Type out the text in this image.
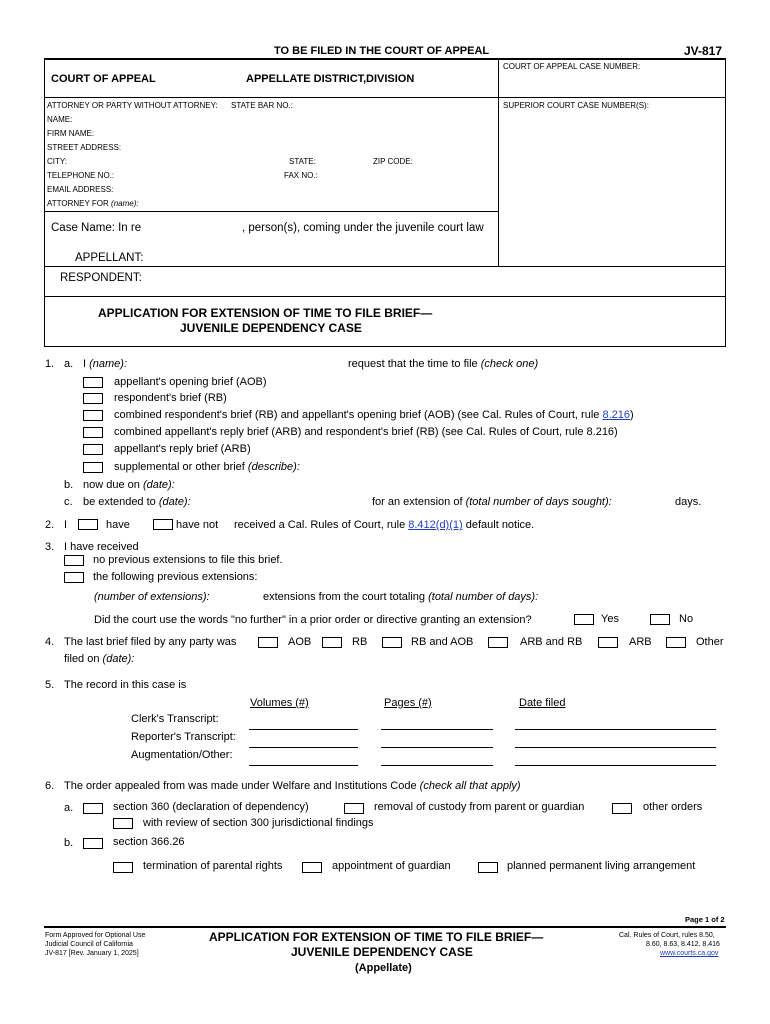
TO BE FILED IN THE COURT OF APPEAL	JV-817
COURT OF APPEAL	APPELLATE DISTRICT, DIVISION
COURT OF APPEAL CASE NUMBER:
ATTORNEY OR PARTY WITHOUT ATTORNEY: STATE BAR NO.:	SUPERIOR COURT CASE NUMBER(S):
NAME:
FIRM NAME:
STREET ADDRESS:
CITY:	STATE:	ZIP CODE:
TELEPHONE NO.:	FAX NO.:
EMAIL ADDRESS:
ATTORNEY FOR (name):
Case Name: In re	, person(s), coming under the juvenile court law
APPELLANT:
RESPONDENT:
APPLICATION FOR EXTENSION OF TIME TO FILE BRIEF—
JUVENILE DEPENDENCY CASE
1. a. I (name):	request that the time to file (check one)
appellant's opening brief (AOB)
respondent's brief (RB)
combined respondent's brief (RB) and appellant's opening brief (AOB) (see Cal. Rules of Court, rule 8.216)
combined appellant's reply brief (ARB) and respondent's brief (RB) (see Cal. Rules of Court, rule 8.216)
appellant's reply brief (ARB)
supplemental or other brief (describe):
b. now due on (date):
c. be extended to (date):	for an extension of (total number of days sought):	days.
2. I	have	have not received a Cal. Rules of Court, rule 8.412(d)(1) default notice.
3. I have received
no previous extensions to file this brief.
the following previous extensions:
(number of extensions):	extensions from the court totaling (total number of days):
Did the court use the words "no further" in a prior order or directive granting an extension?	Yes	No
4. The last brief filed by any party was
filed on (date):
AOB	RB	RB and AOB	ARB and RB	ARB	Other
5. The record in this case is
Volumes (#)	Pages (#)	Date filed
Clerk's Transcript:
Reporter's Transcript:
Augmentation/Other:
6. The order appealed from was made under Welfare and Institutions Code (check all that apply)
a.	section 360 (declaration of dependency)	removal of custody from parent or guardian	other orders
with review of section 300 jurisdictional findings
b.	section 366.26
termination of parental rights	appointment of guardian	planned permanent living arrangement
Page 1 of 2
Form Approved for Optional Use
Judicial Council of California
JV-817 [Rev. January 1, 2025]
APPLICATION FOR EXTENSION OF TIME TO FILE BRIEF—
JUVENILE DEPENDENCY CASE
(Appellate)
Cal. Rules of Court, rules 8.50,
8.60, 8.63, 8.412, 8.416
www.courts.ca.gov
